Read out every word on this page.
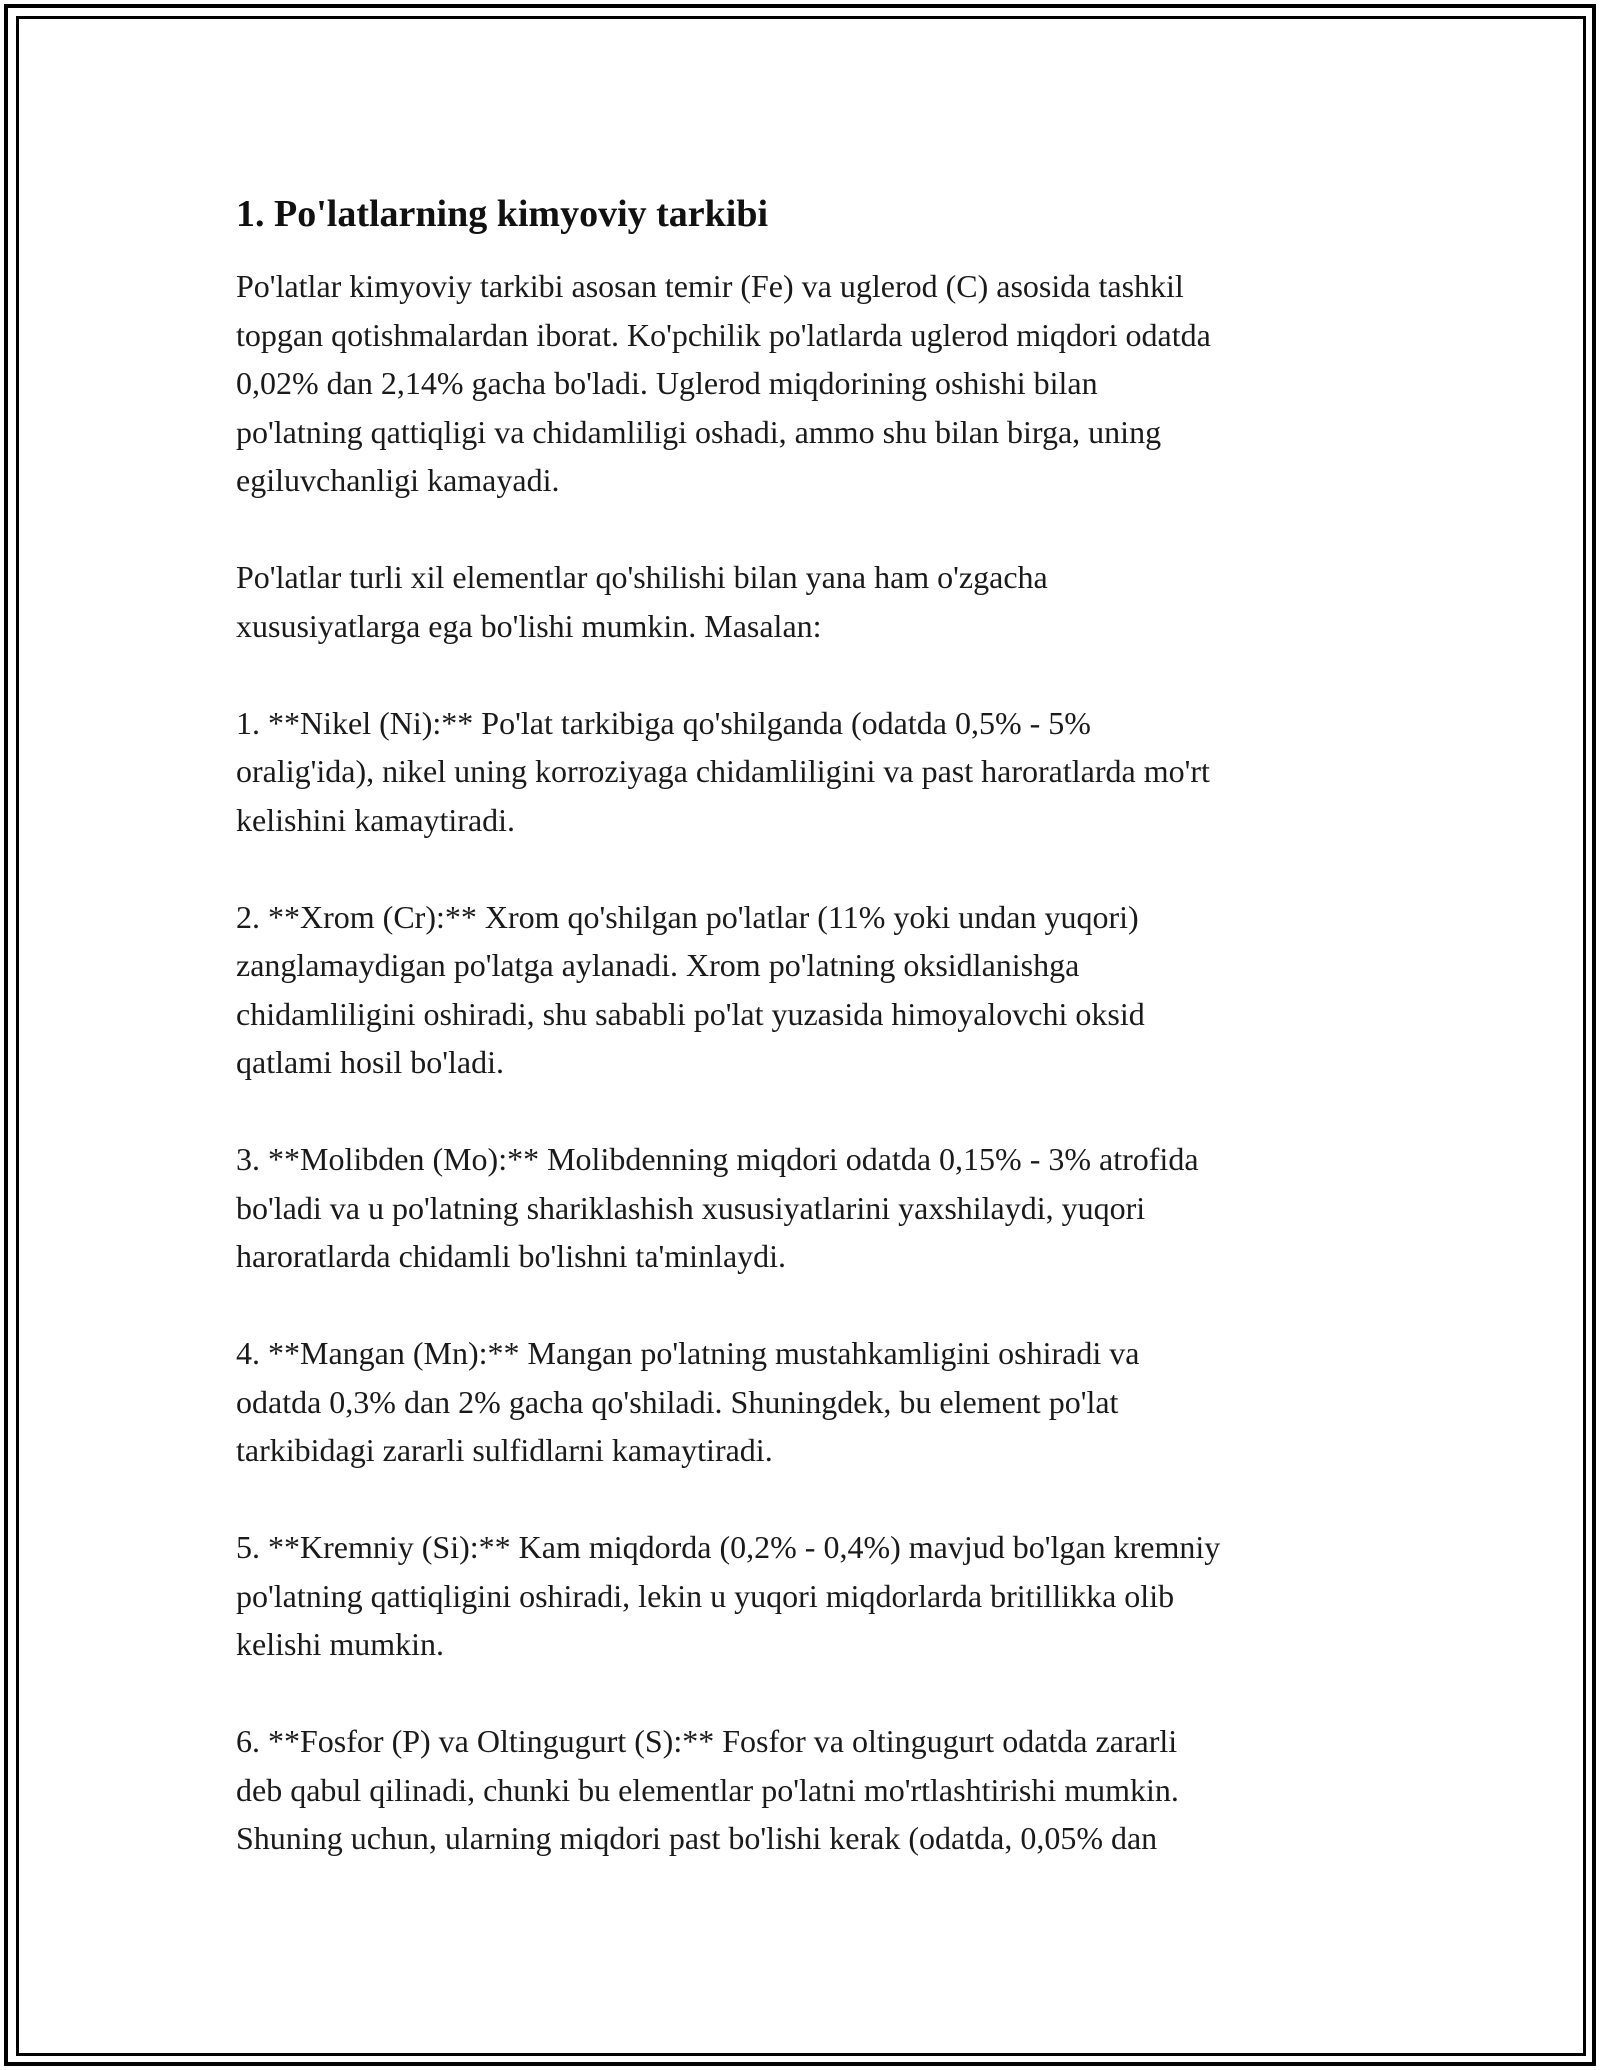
1. Po'latlarning kimyoviy tarkibi

Po'latlar kimyoviy tarkibi asosan temir (Fe) va uglerod (C) asosida tashkil
topgan qotishmalardan iborat. Ko'pchilik po'latlarda uglerod miqdori odatda
0,02% dan 2,14% gacha bo'ladi. Uglerod miqdorining oshishi bilan
po'latning qattiqligi va chidamliligi oshadi, ammo shu bilan birga, uning
egiluvchanligi kamayadi.

Po'latlar turli xil elementlar qo'shilishi bilan yana ham o'zgacha
xususiyatlarga ega bo'lishi mumkin. Masalan:

1. **Nikel (Ni):** Po'lat tarkibiga qo'shilganda (odatda 0,5% - 5%
oralig'ida), nikel uning korroziyaga chidamliligini va past haroratlarda mo'rt
kelishini kamaytiradi.

2. **Xrom (Cr):** Xrom qo'shilgan po'latlar (11% yoki undan yuqori)
zanglamaydigan po'latga aylanadi. Xrom po'latning oksidlanishga
chidamliligini oshiradi, shu sababli po'lat yuzasida himoyalovchi oksid
qatlami hosil bo'ladi.

3. **Molibden (Mo):** Molibdenning miqdori odatda 0,15% - 3% atrofida
bo'ladi va u po'latning shariklashish xususiyatlarini yaxshilaydi, yuqori
haroratlarda chidamli bo'lishni ta'minlaydi.

4. **Mangan (Mn):** Mangan po'latning mustahkamligini oshiradi va
odatda 0,3% dan 2% gacha qo'shiladi. Shuningdek, bu element po'lat
tarkibidagi zararli sulfidlarni kamaytiradi.

5. **Kremniy (Si):** Kam miqdorda (0,2% - 0,4%) mavjud bo'lgan kremniy
po'latning qattiqligini oshiradi, lekin u yuqori miqdorlarda britillikka olib
kelishi mumkin.

6. **Fosfor (P) va Oltingugurt (S):** Fosfor va oltingugurt odatda zararli
deb qabul qilinadi, chunki bu elementlar po'latni mo'rtlashtirishi mumkin.
Shuning uchun, ularning miqdori past bo'lishi kerak (odatda, 0,05% dan
